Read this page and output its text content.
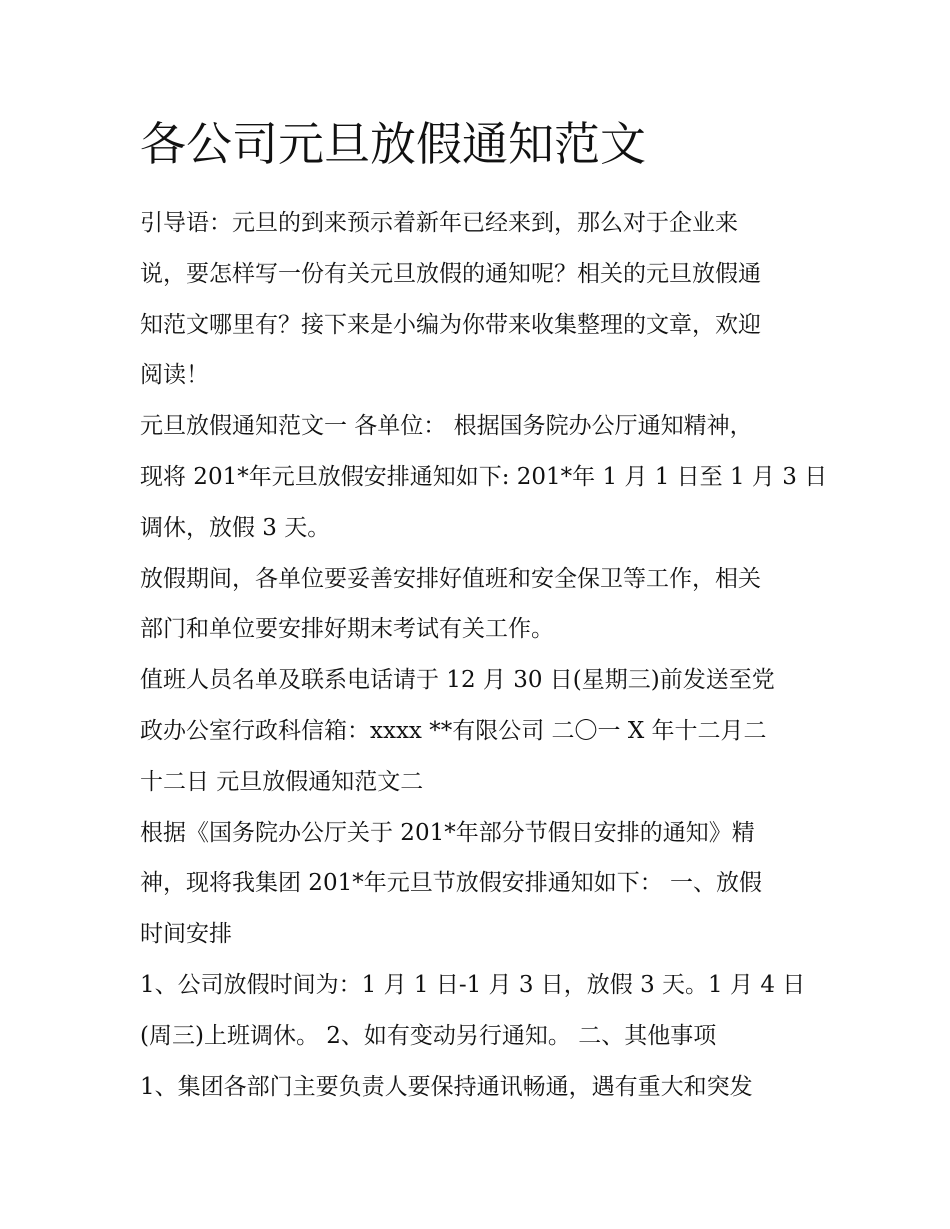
各公司元旦放假通知范文
引导语：元旦的到来预示着新年已经来到，那么对于企业来
说，要怎样写一份有关元旦放假的通知呢？相关的元旦放假通
知范文哪里有？接下来是小编为你带来收集整理的文章，欢迎
阅读！
元旦放假通知范文一 各单位： 根据国务院办公厅通知精神，
现将 201*年元旦放假安排通知如下: 201*年 1 月 1 日至 1 月 3 日
调休，放假 3 天。
放假期间，各单位要妥善安排好值班和安全保卫等工作，相关
部门和单位要安排好期末考试有关工作。
值班人员名单及联系电话请于 12 月 30 日(星期三)前发送至党
政办公室行政科信箱：xxxx **有限公司 二〇一 X 年十二月二
十二日 元旦放假通知范文二
根据《国务院办公厅关于 201*年部分节假日安排的通知》精
神，现将我集团 201*年元旦节放假安排通知如下： 一、放假
时间安排
1、公司放假时间为：1 月 1 日-1 月 3 日，放假 3 天。1 月 4 日
(周三)上班调休。 2、如有变动另行通知。 二、其他事项
1、集团各部门主要负责人要保持通讯畅通，遇有重大和突发
